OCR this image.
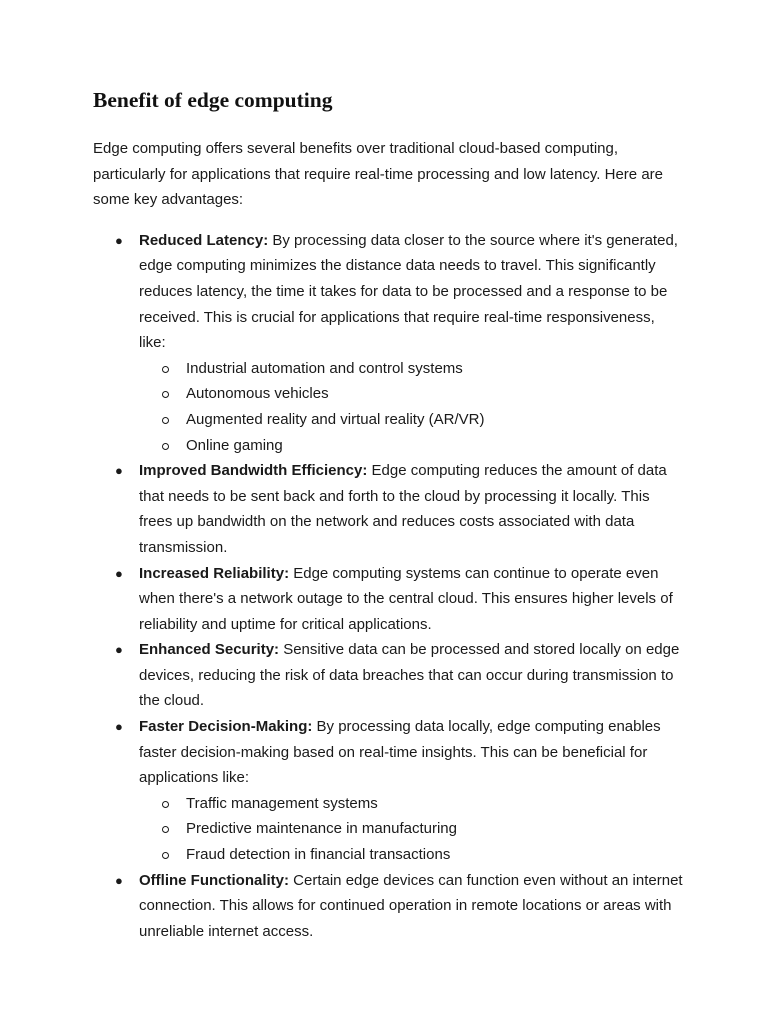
Benefit of edge computing

Edge computing offers several benefits over traditional cloud-based computing, particularly for applications that require real-time processing and low latency. Here are some key advantages:

● Reduced Latency: By processing data closer to the source where it's generated, edge computing minimizes the distance data needs to travel. This significantly reduces latency, the time it takes for data to be processed and a response to be received. This is crucial for applications that require real-time responsiveness, like:
Industrial automation and control systems
Autonomous vehicles
Augmented reality and virtual reality (AR/VR)
Online gaming
● Improved Bandwidth Efficiency: Edge computing reduces the amount of data that needs to be sent back and forth to the cloud by processing it locally. This frees up bandwidth on the network and reduces costs associated with data transmission.
● Increased Reliability: Edge computing systems can continue to operate even when there's a network outage to the central cloud. This ensures higher levels of reliability and uptime for critical applications.
● Enhanced Security: Sensitive data can be processed and stored locally on edge devices, reducing the risk of data breaches that can occur during transmission to the cloud.
● Faster Decision-Making: By processing data locally, edge computing enables faster decision-making based on real-time insights. This can be beneficial for applications like:
Traffic management systems
Predictive maintenance in manufacturing
Fraud detection in financial transactions
● Offline Functionality: Certain edge devices can function even without an internet connection. This allows for continued operation in remote locations or areas with unreliable internet access.
